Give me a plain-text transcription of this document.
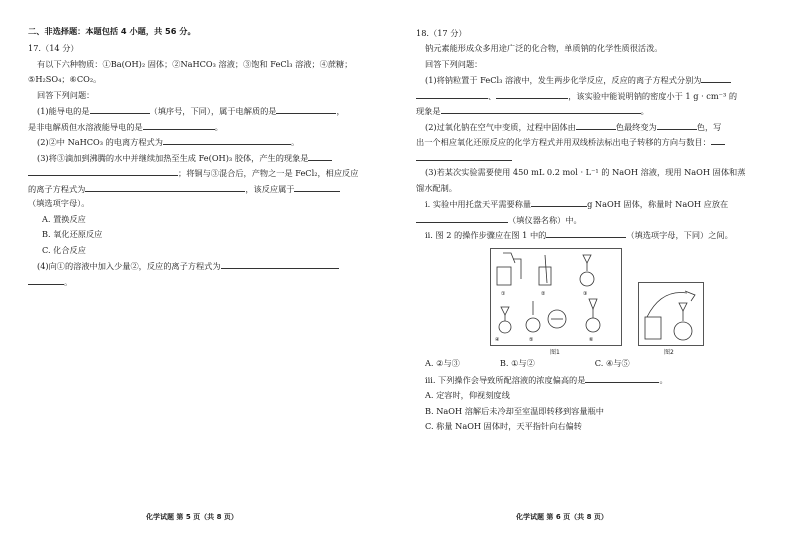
二、非选择题：本题包括 4 小题，共 56 分。
17.（14 分）
有以下六种物质：①Ba(OH)₂ 固体；②NaHCO₃ 溶液；③饱和 FeCl₃ 溶液；④蔗糖；
⑤H₂SO₄；⑥CO₂。
回答下列问题：
(1)能导电的是	（填序号，下同），属于电解质的是	，
是非电解质但水溶液能导电的是	。
(2)②中 NaHCO₃ 的电离方程式为	。
(3)将③滴加到沸腾的水中并继续加热至生成 Fe(OH)₃ 胶体，产生的现象是
；将铜与③混合后，产物之一是 FeCl₂，相应反应
的离子方程式为	，该反应属于
（填选项字母）。
A. 置换反应
B. 氧化还原反应
C. 化合反应
(4)向①的溶液中加入少量②，反应的离子方程式为
。
化学试题 第 5 页（共 8 页）
18.（17 分）
钠元素能形成众多用途广泛的化合物，单质钠的化学性质很活泼。
回答下列问题：
(1)将钠粒置于 FeCl₃ 溶液中，发生两步化学反应，反应的离子方程式分别为
、	，该实验中能说明钠的密度小于 1 g · cm⁻³ 的
现象是	。
(2)过氧化钠在空气中变质，过程中固体由	色最终变为	色，写
出一个相应氧化还原反应的化学方程式并用双线桥法标出电子转移的方向与数目：
(3)若某次实验需要使用 450 mL 0.2 mol · L⁻¹ 的 NaOH 溶液，现用 NaOH 固体和蒸
馏水配制。
ⅰ. 实验中用托盘天平需要称量	g NaOH 固体，称量时 NaOH 应放在
（填仪器名称）中。
ⅱ. 图 2 的操作步骤应在图 1 中的	（填选项字母，下同）之间。
①	②	③
④	⑤	⑥
图1	图2
A. ②与③	B. ①与②	C. ④与⑤
ⅲ. 下列操作会导致所配溶液的浓度偏高的是	。
A. 定容时，仰视刻度线
B. NaOH 溶解后未冷却至室温即转移到容量瓶中
C. 称量 NaOH 固体时，天平指针向右偏转
化学试题 第 6 页（共 8 页）
